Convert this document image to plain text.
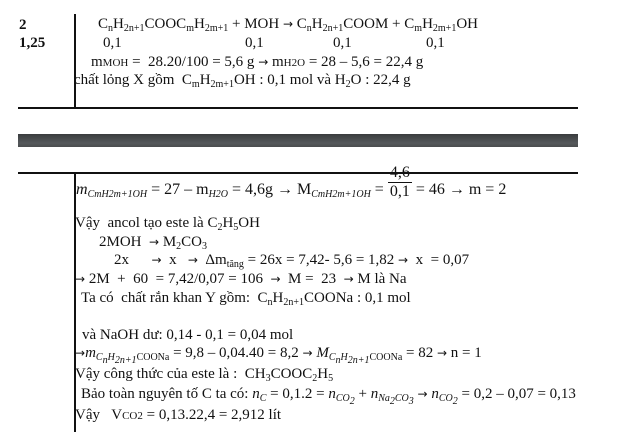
2
1,25
$C_nH_{2n+1}COOC_mH_{2m+1}$ + MOH → $C_nH_{2n+1}COOM + C_mH_{2m+1}OH$
0,1	0,1	0,1	0,1
mMOH =  28.20/100 = 5,6 g → mH2O = 28 – 5,6 = 22,4 g
chất lỏng X gồm  $C_mH_{2m+1}OH$ : 0,1 mol và $H_2O$ : 22,4 g
$m_{CmH2m+1OH} = 27 - m_{H2O} = 4,6g \to M_{CmH2m+1OH} = \frac{4,6}{0,1} = 46 \to m = 2$
Vậy  ancol tạo este là $C_2H_5OH$
$2MOH \to M_2CO_3$
2x      →  $x \to \Delta m_{tăng} = 26x = 7,42-$ 5,6 = 1,82 →  x  = 0,07
→ 2M  +  60  = 7,42/0,07 = 106  →  M =  23  → M là Na
Ta có  chất rắn khan Y gồm:  $C_nH_{2n+1}COONa$ : 0,1 mol
và NaOH dư: 0,14 - 0,1 = 0,04 mol
$\to m_{C_nH_{2n+1}COONa} = 9,8 - 0,04.40 = 8,2 \to M_{C_nH_{2n+1}COONa} = 82 \to n = 1$
Vậy công thức của este là :  $CH_3COOC_2H_5$
Bảo toàn nguyên tố C ta có: $n_C = 0,1.2 = n_{CO_2} + n_{Na_2CO_3} \to n_{CO_2} = 0,2 - 0,07 = 0,13$
Vậy   VCO2 = 0,13.22,4 = 2,912 lít
